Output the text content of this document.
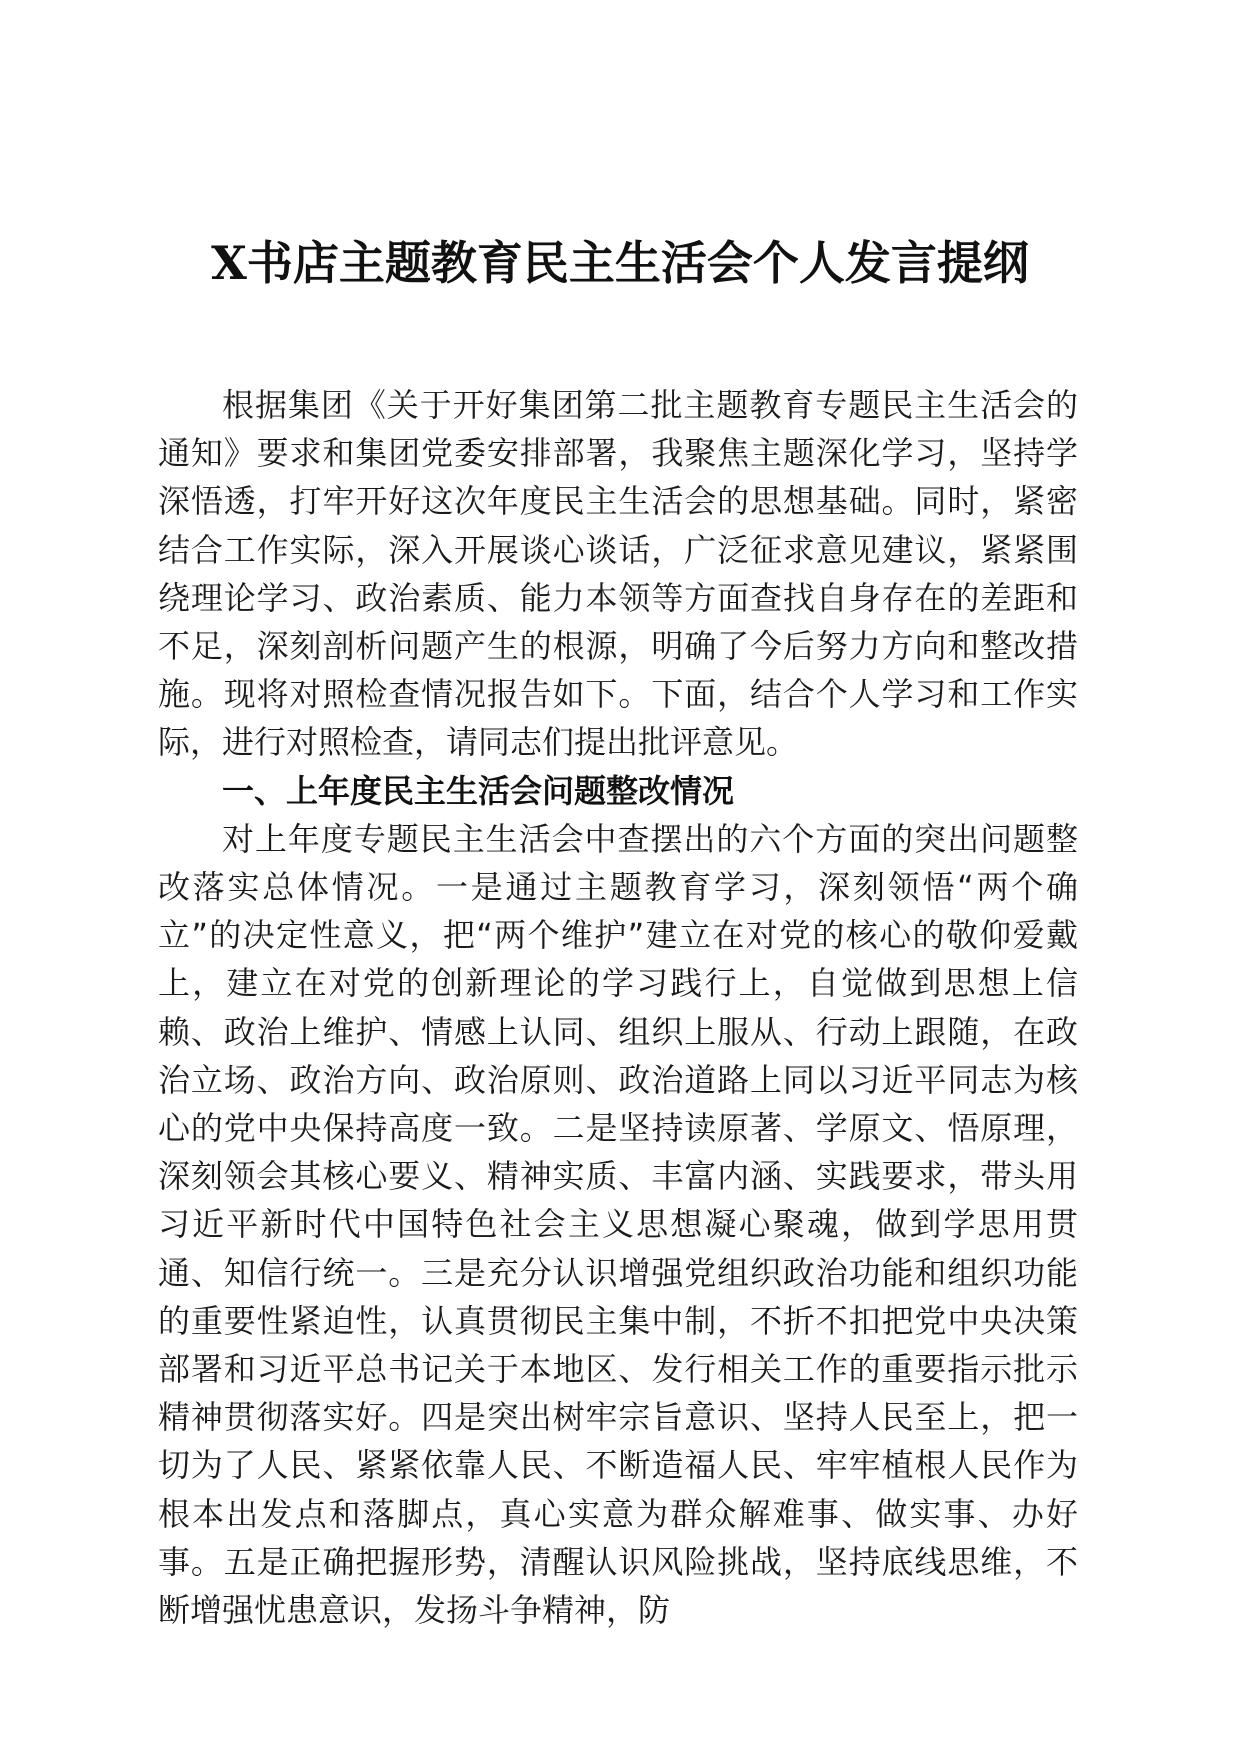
X书店主题教育民主生活会个人发言提纲

根据集团《关于开好集团第二批主题教育专题民主生活会的通知》要求和集团党委安排部署，我聚焦主题深化学习，坚持学深悟透，打牢开好这次年度民主生活会的思想基础。同时，紧密结合工作实际，深入开展谈心谈话，广泛征求意见建议，紧紧围绕理论学习、政治素质、能力本领等方面查找自身存在的差距和不足，深刻剖析问题产生的根源，明确了今后努力方向和整改措施。现将对照检查情况报告如下。下面，结合个人学习和工作实际，进行对照检查，请同志们提出批评意见。

一、上年度民主生活会问题整改情况

对上年度专题民主生活会中查摆出的六个方面的突出问题整改落实总体情况。一是通过主题教育学习，深刻领悟“两个确立”的决定性意义，把“两个维护”建立在对党的核心的敬仰爱戴上，建立在对党的创新理论的学习践行上，自觉做到思想上信赖、政治上维护、情感上认同、组织上服从、行动上跟随，在政治立场、政治方向、政治原则、政治道路上同以习近平同志为核心的党中央保持高度一致。二是坚持读原著、学原文、悟原理，深刻领会其核心要义、精神实质、丰富内涵、实践要求，带头用习近平新时代中国特色社会主义思想凝心聚魂，做到学思用贯通、知信行统一。三是充分认识增强党组织政治功能和组织功能的重要性紧迫性，认真贯彻民主集中制，不折不扣把党中央决策部署和习近平总书记关于本地区、发行相关工作的重要指示批示精神贯彻落实好。四是突出树牢宗旨意识、坚持人民至上，把一切为了人民、紧紧依靠人民、不断造福人民、牢牢植根人民作为根本出发点和落脚点，真心实意为群众解难事、做实事、办好事。五是正确把握形势，清醒认识风险挑战，坚持底线思维，不断增强忧患意识，发扬斗争精神，防
